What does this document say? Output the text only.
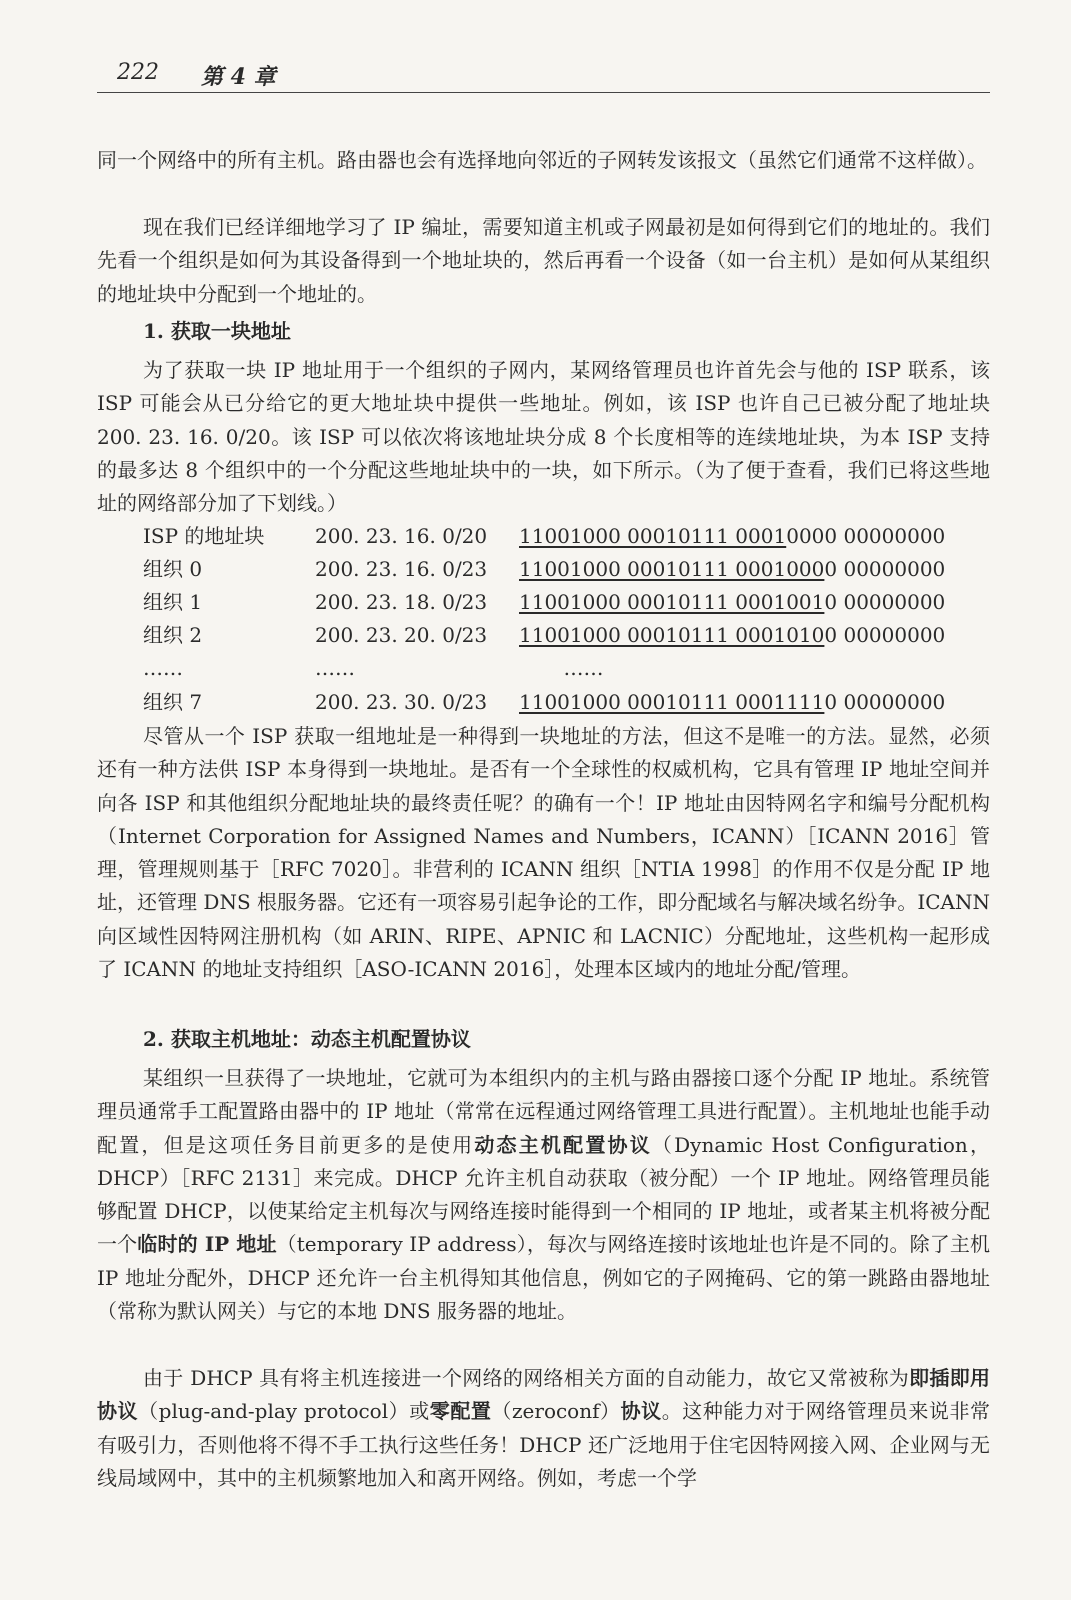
222 第 4 章

同一个网络中的所有主机。路由器也会有选择地向邻近的子网转发该报文（虽然它们通常不这样做）。

现在我们已经详细地学习了 IP 编址，需要知道主机或子网最初是如何得到它们的地址的。我们先看一个组织是如何为其设备得到一个地址块的，然后再看一个设备（如一台主机）是如何从某组织的地址块中分配到一个地址的。

1. 获取一块地址

为了获取一块 IP 地址用于一个组织的子网内，某网络管理员也许首先会与他的 ISP 联系，该 ISP 可能会从已分给它的更大地址块中提供一些地址。例如，该 ISP 也许自己已被分配了地址块 200. 23. 16. 0/20。该 ISP 可以依次将该地址块分成 8 个长度相等的连续地址块，为本 ISP 支持的最多达 8 个组织中的一个分配这些地址块中的一块，如下所示。（为了便于查看，我们已将这些地址的网络部分加了下划线。）

ISP 的地址块	200. 23. 16. 0/20 11001000 00010111 00010000 00000000
组织 0	200. 23. 16. 0/23 11001000 00010111 00010000 00000000
组织 1	200. 23. 18. 0/23 11001000 00010111 00010010 00000000
组织 2	200. 23. 20. 0/23 11001000 00010111 00010100 00000000
……	……	……
组织 7	200. 23. 30. 0/23 11001000 00010111 00011110 00000000

尽管从一个 ISP 获取一组地址是一种得到一块地址的方法，但这不是唯一的方法。显然，必须还有一种方法供 ISP 本身得到一块地址。是否有一个全球性的权威机构，它具有管理 IP 地址空间并向各 ISP 和其他组织分配地址块的最终责任呢？的确有一个！IP 地址由因特网名字和编号分配机构（Internet Corporation for Assigned Names and Numbers，ICANN）［ICANN 2016］管理，管理规则基于［RFC 7020］。非营利的 ICANN 组织［NTIA 1998］的作用不仅是分配 IP 地址，还管理 DNS 根服务器。它还有一项容易引起争论的工作，即分配域名与解决域名纷争。ICANN 向区域性因特网注册机构（如 ARIN、RIPE、APNIC 和 LACNIC）分配地址，这些机构一起形成了 ICANN 的地址支持组织［ASO-ICANN 2016］，处理本区域内的地址分配/管理。

2. 获取主机地址：动态主机配置协议

某组织一旦获得了一块地址，它就可为本组织内的主机与路由器接口逐个分配 IP 地址。系统管理员通常手工配置路由器中的 IP 地址（常常在远程通过网络管理工具进行配置）。主机地址也能手动配置，但是这项任务目前更多的是使用动态主机配置协议（Dynamic Host Configuration，DHCP）［RFC 2131］来完成。DHCP 允许主机自动获取（被分配）一个 IP 地址。网络管理员能够配置 DHCP，以使某给定主机每次与网络连接时能得到一个相同的 IP 地址，或者某主机将被分配一个临时的 IP 地址（temporary IP address），每次与网络连接时该地址也许是不同的。除了主机 IP 地址分配外，DHCP 还允许一台主机得知其他信息，例如它的子网掩码、它的第一跳路由器地址（常称为默认网关）与它的本地 DNS 服务器的地址。

由于 DHCP 具有将主机连接进一个网络的网络相关方面的自动能力，故它又常被称为即插即用协议（plug-and-play protocol）或零配置（zeroconf）协议。这种能力对于网络管理员来说非常有吸引力，否则他将不得不手工执行这些任务！DHCP 还广泛地用于住宅因特网接入网、企业网与无线局域网中，其中的主机频繁地加入和离开网络。例如，考虑一个学
